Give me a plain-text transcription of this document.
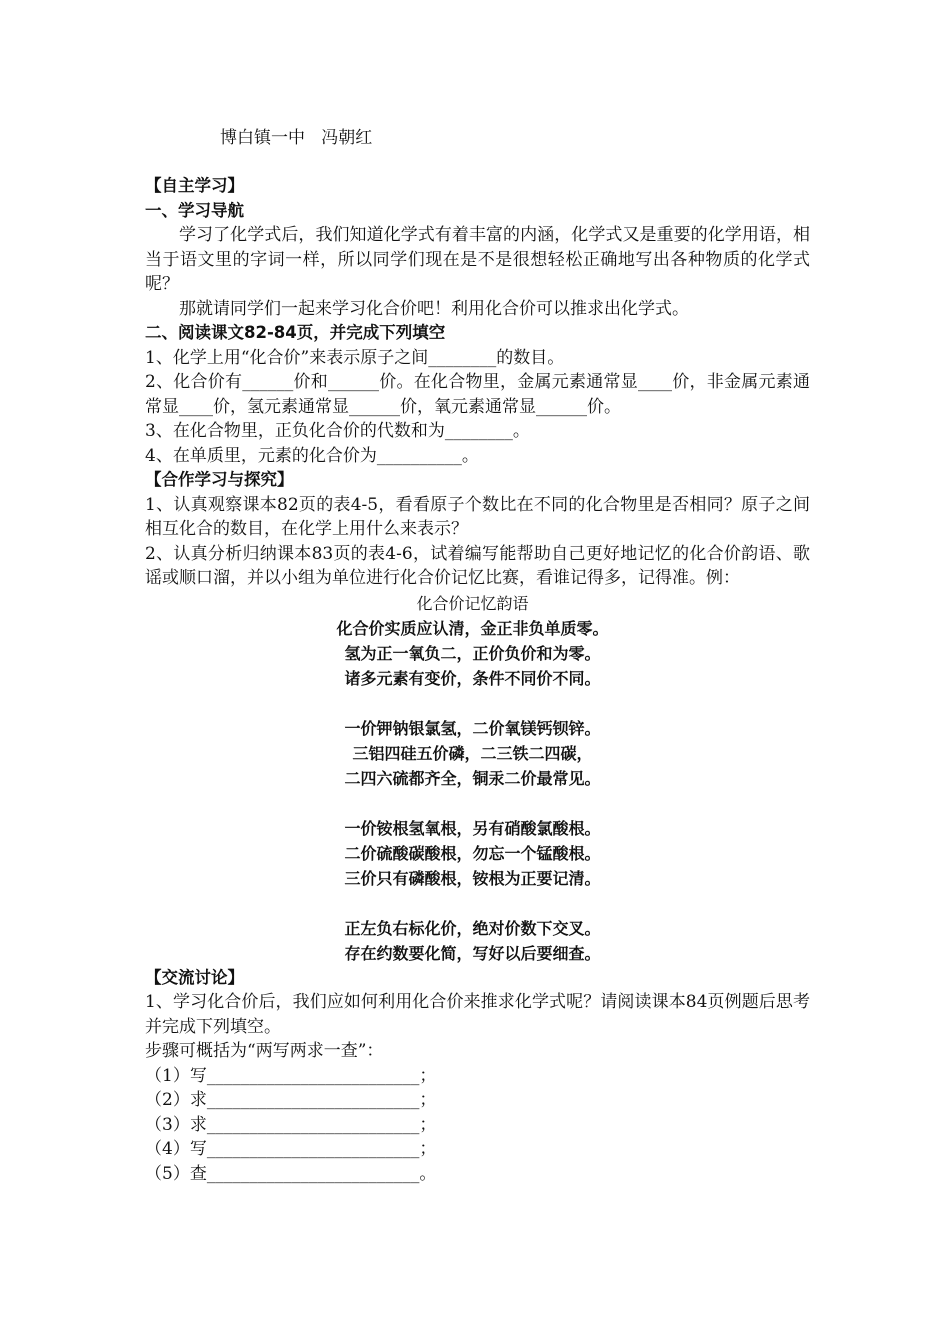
博白镇一中   冯朝红
【自主学习】
一、学习导航
学习了化学式后，我们知道化学式有着丰富的内涵，化学式又是重要的化学用语，相当于语文里的字词一样，所以同学们现在是不是很想轻松正确地写出各种物质的化学式呢？
那就请同学们一起来学习化合价吧！利用化合价可以推求出化学式。
二、阅读课文82-84页，并完成下列填空
1、化学上用“化合价”来表示原子之间________的数目。
2、化合价有______价和______价。在化合物里，金属元素通常显____价，非金属元素通常显____价，氢元素通常显______价，氧元素通常显______价。
3、在化合物里，正负化合价的代数和为________。
4、在单质里，元素的化合价为__________。
【合作学习与探究】
1、认真观察课本82页的表4-5，看看原子个数比在不同的化合物里是否相同？原子之间相互化合的数目，在化学上用什么来表示？
2、认真分析归纳课本83页的表4-6，试着编写能帮助自己更好地记忆的化合价韵语、歌谣或顺口溜，并以小组为单位进行化合价记忆比赛，看谁记得多，记得准。例：
化合价记忆韵语
化合价实质应认清，金正非负单质零。
氢为正一氧负二，正价负价和为零。
诸多元素有变价，条件不同价不同。
一价钾钠银氯氢，二价氧镁钙钡锌。
三铝四硅五价磷，二三铁二四碳，
二四六硫都齐全，铜汞二价最常见。
一价铵根氢氧根，另有硝酸氯酸根。
二价硫酸碳酸根，勿忘一个锰酸根。
三价只有磷酸根，铵根为正要记清。
正左负右标化价，绝对价数下交叉。
存在约数要化简，写好以后要细查。
【交流讨论】
1、学习化合价后，我们应如何利用化合价来推求化学式呢？请阅读课本84页例题后思考并完成下列填空。
步骤可概括为“两写两求一查”：
（1）写_________________________；
（2）求_________________________；
（3）求_________________________；
（4）写_________________________；
（5）查_________________________。
